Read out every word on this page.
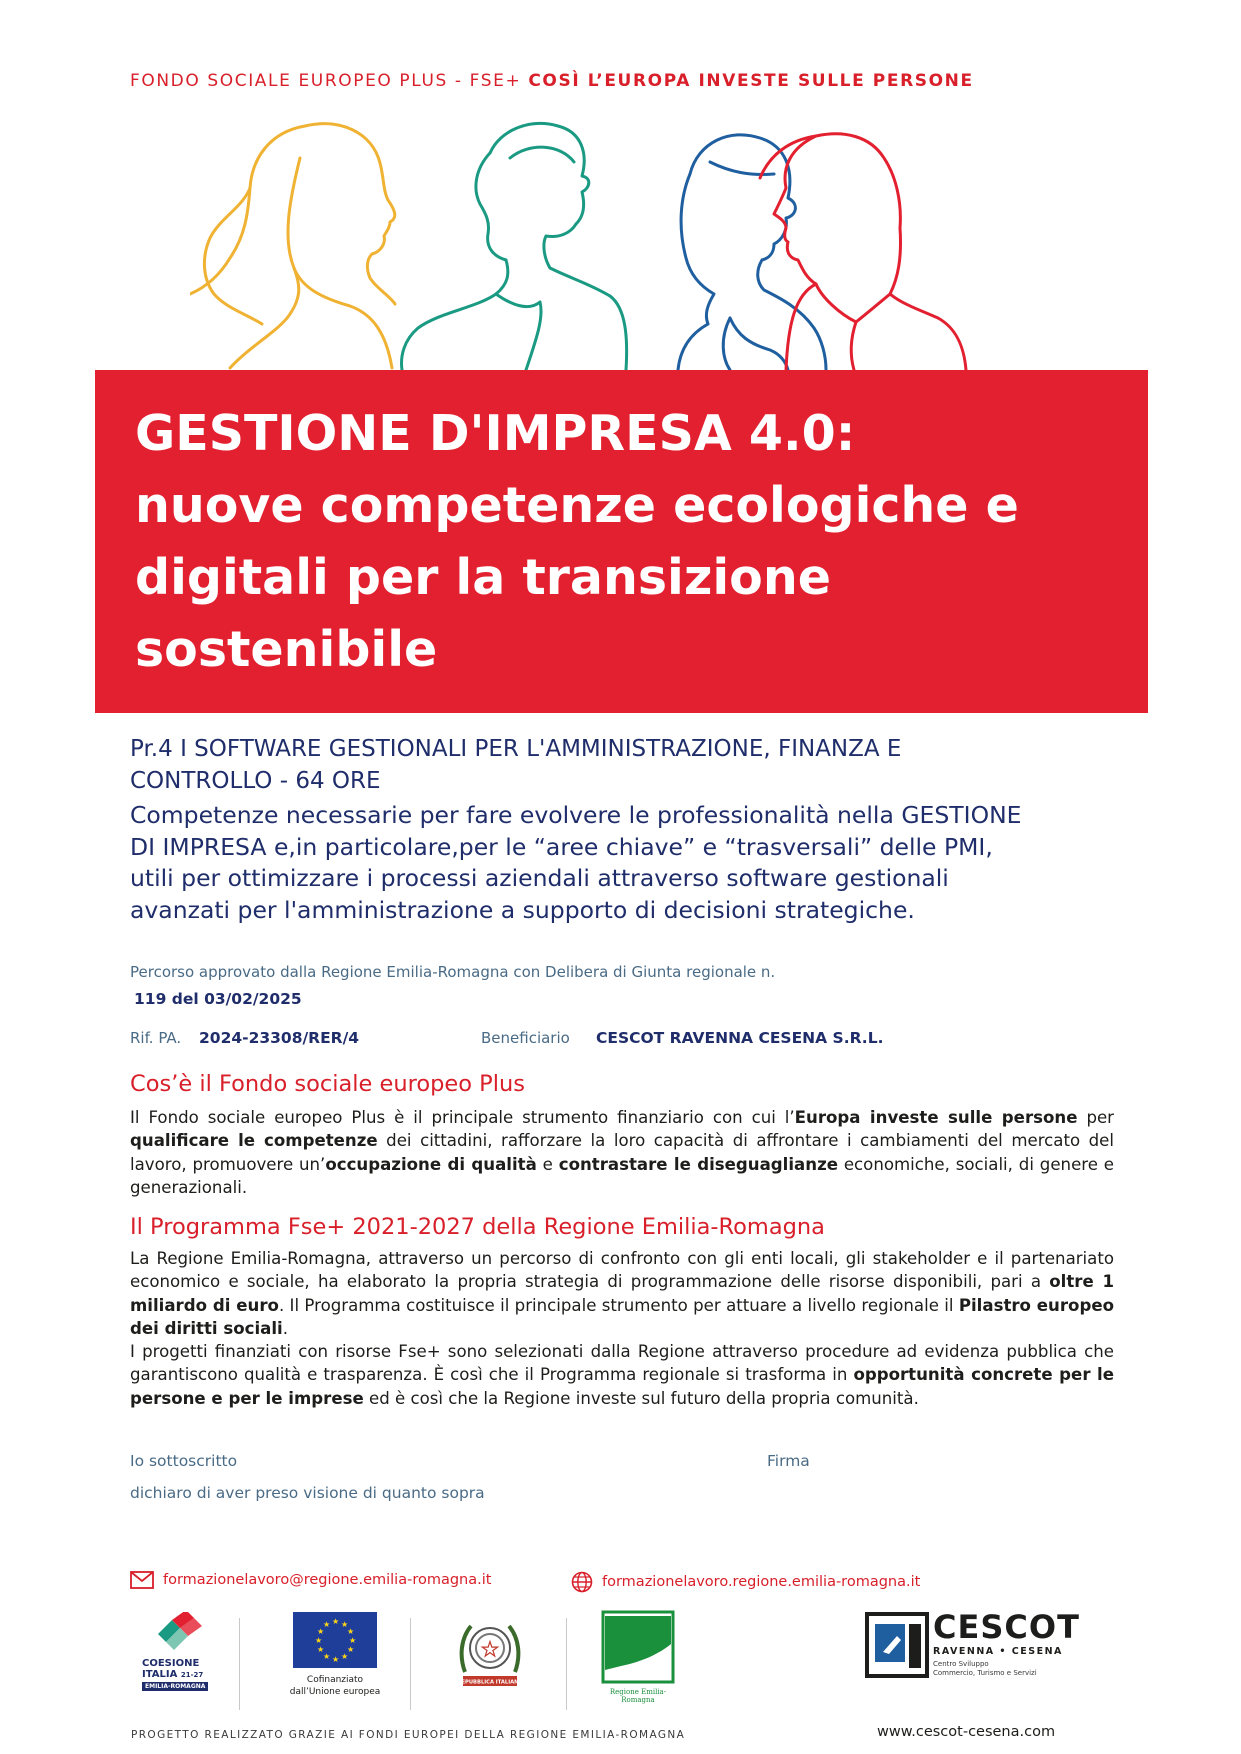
FONDO SOCIALE EUROPEO PLUS - FSE+ COSÌ L’EUROPA INVESTE SULLE PERSONE
GESTIONE D'IMPRESA 4.0:
nuove competenze ecologiche e
digitali per la transizione
sostenibile
Pr.4 I SOFTWARE GESTIONALI PER L'AMMINISTRAZIONE, FINANZA E
CONTROLLO - 64 ORE
Competenze necessarie per fare evolvere le professionalità nella GESTIONE
DI IMPRESA e,in particolare,per le “aree chiave” e “trasversali” delle PMI,
utili per ottimizzare i processi aziendali attraverso software gestionali
avanzati per l'amministrazione a supporto di decisioni strategiche.
Percorso approvato dalla Regione Emilia-Romagna con Delibera di Giunta regionale n.
119 del 03/02/2025
Rif. PA. 2024-23308/RER/4	Beneficiario CESCOT RAVENNA CESENA S.R.L.
Cos’è il Fondo sociale europeo Plus
Il Fondo sociale europeo Plus è il principale strumento finanziario con cui l’Europa investe sulle persone per qualificare le competenze dei cittadini, rafforzare la loro capacità di affrontare i cambiamenti del mercato del lavoro, promuovere un’occupazione di qualità e contrastare le diseguaglianze economiche, sociali, di genere e generazionali.
Il Programma Fse+ 2021-2027 della Regione Emilia-Romagna
La Regione Emilia-Romagna, attraverso un percorso di confronto con gli enti locali, gli stakeholder e il partenariato economico e sociale, ha elaborato la propria strategia di programmazione delle risorse disponibili, pari a oltre 1 miliardo di euro. Il Programma costituisce il principale strumento per attuare a livello regionale il Pilastro europeo dei diritti sociali.
I progetti finanziati con risorse Fse+ sono selezionati dalla Regione attraverso procedure ad evidenza pubblica che garantiscono qualità e trasparenza. È così che il Programma regionale si trasforma in opportunità concrete per le persone e per le imprese ed è così che la Regione investe sul futuro della propria comunità.
Io sottoscritto
dichiaro di aver preso visione di quanto sopra
Firma
formazionelavoro@regione.emilia-romagna.it	formazionelavoro.regione.emilia-romagna.it
COESIONE
ITALIA 21-27
EMILIA-ROMAGNA
★ ★
★
★
★
★
★
★
★
★
★
★
Cofinanziato
dall’Unione europea
★
REPUBBLICA ITALIANA
Regione Emilia-Romagna
CESCOT
RAVENNA • CESENA
Centro Sviluppo
Commercio, Turismo e Servizi
PROGETTO REALIZZATO GRAZIE AI FONDI EUROPEI DELLA REGIONE EMILIA-ROMAGNA	www.cescot-cesena.com
